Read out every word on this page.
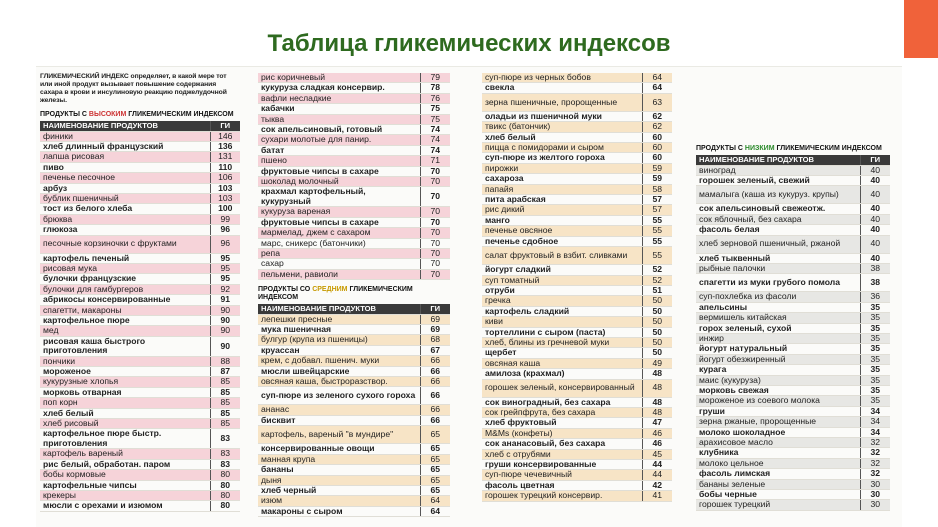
Таблица гликемических индексов

ГЛИКЕМИЧЕСКИЙ ИНДЕКС определяет, в какой мере тот или иной продукт вызывает повышение содержания сахара в крови и инсулиновую реакцию поджелудочной железы.

ПРОДУКТЫ С ВЫСОКИМ ГЛИКЕМИЧЕСКИМ ИНДЕКСОМ
НАИМЕНОВАНИЕ ПРОДУКТОВ	ГИ
финики	146
хлеб длинный французский	136
лапша рисовая	131
пиво	110
печенье песочное	106
арбуз	103
бублик пшеничный	103
тост из белого хлеба	100
брюква	99
глюкоза	96
песочные корзиночки с фруктами	96
картофель печеный	95
рисовая мука	95
булочки французские	95
булочки для гамбургеров	92
абрикосы консервированные	91
спагетти, макароны	90
картофельное пюре	90
мед	90
рисовая каша быстрого приготовления	90
пончики	88
мороженое	87
кукурузные хлопья	85
морковь отварная	85
поп корн	85
хлеб белый	85
хлеб рисовый	85
картофельное пюре быстр. приготовления	83
картофель вареный	83
рис белый, обработан. паром	83
бобы кормовые	80
картофельные чипсы	80
крекеры	80
мюсли с орехами и изюмом	80
рис коричневый	79
кукуруза сладкая консервир.	78
вафли несладкие	76
кабачки	75
тыква	75
сок апельсиновый, готовый	74
сухари молотые для панир.	74
батат	74
пшено	71
фруктовые чипсы в сахаре	70
шоколад молочный	70
крахмал картофельный, кукурузный	70
кукуруза вареная	70
фруктовые чипсы в сахаре	70
мармелад, джем с сахаром	70
марс, сникерс (батончики)	70
репа	70
сахар	70
пельмени, равиоли	70
ПРОДУКТЫ СО СРЕДНИМ ГЛИКЕМИЧЕСКИМ ИНДЕКСОМ
НАИМЕНОВАНИЕ ПРОДУКТОВ	ГИ
лепешки пресные	69
мука пшеничная	69
булгур (крупа из пшеницы)	68
круассан	67
крем, с добавл. пшенич. муки	66
мюсли швейцарские	66
овсяная каша, быстроразствор.	66
суп-пюре из зеленого сухого гороха	66
ананас	66
бисквит	66
картофель, вареный "в мундире"	65
консервированные овощи	65
манная крупа	65
бананы	65
дыня	65
хлеб черный	65
изюм	64
макароны с сыром	64
суп-пюре из черных бобов	64
свекла	64
зерна пшеничные, пророщенные	63
оладьи из пшеничной муки	62
твикс (батончик)	62
хлеб белый	60
пицца с помидорами и сыром	60
суп-пюре из желтого гороха	60
пирожки	59
сахароза	59
папайя	58
пита арабская	57
рис дикий	57
манго	55
печенье овсяное	55
печенье сдобное	55
салат фруктовый в взбит. сливками	55
йогурт сладкий	52
суп томатный	52
отруби	51
гречка	50
картофель сладкий	50
киви	50
тортеллини с сыром (паста)	50
хлеб, блины из гречневой муки	50
щербет	50
овсяная каша	49
амилоза (крахмал)	48
горошек зеленый, консервированный	48
сок виноградный, без сахара	48
сок грейпфрута, без сахара	48
хлеб фруктовый	47
M&Ms (конфеты)	46
сок ананасовый, без сахара	46
хлеб с отрубями	45
груши консервированные	44
суп-пюре чечевичный	44
фасоль цветная	42
горошек турецкий консервир.	41
ПРОДУКТЫ С НИЗКИМ ГЛИКЕМИЧЕСКИМ ИНДЕКСОМ
НАИМЕНОВАНИЕ ПРОДУКТОВ	ГИ
виноград	40
горошек зеленый, свежий	40
мамалыга (каша из кукуруз. крупы)	40
сок апельсиновый свежеотж.	40
сок яблочный, без сахара	40
фасоль белая	40
хлеб зерновой пшеничный, ржаной	40
хлеб тыквенный	40
рыбные палочки	38
спагетти из муки грубого помола	38
суп-похлебка из фасоли	36
апельсины	35
вермишель китайская	35
горох зеленый, сухой	35
инжир	35
йогурт натуральный	35
йогурт обезжиренный	35
курага	35
маис (кукуруза)	35
морковь свежая	35
мороженое из соевого молока	35
груши	34
зерна ржаные, пророщенные	34
молоко шоколадное	34
арахисовое масло	32
клубника	32
молоко цельное	32
фасоль лимская	32
бананы зеленые	30
бобы черные	30
горошек турецкий	30
